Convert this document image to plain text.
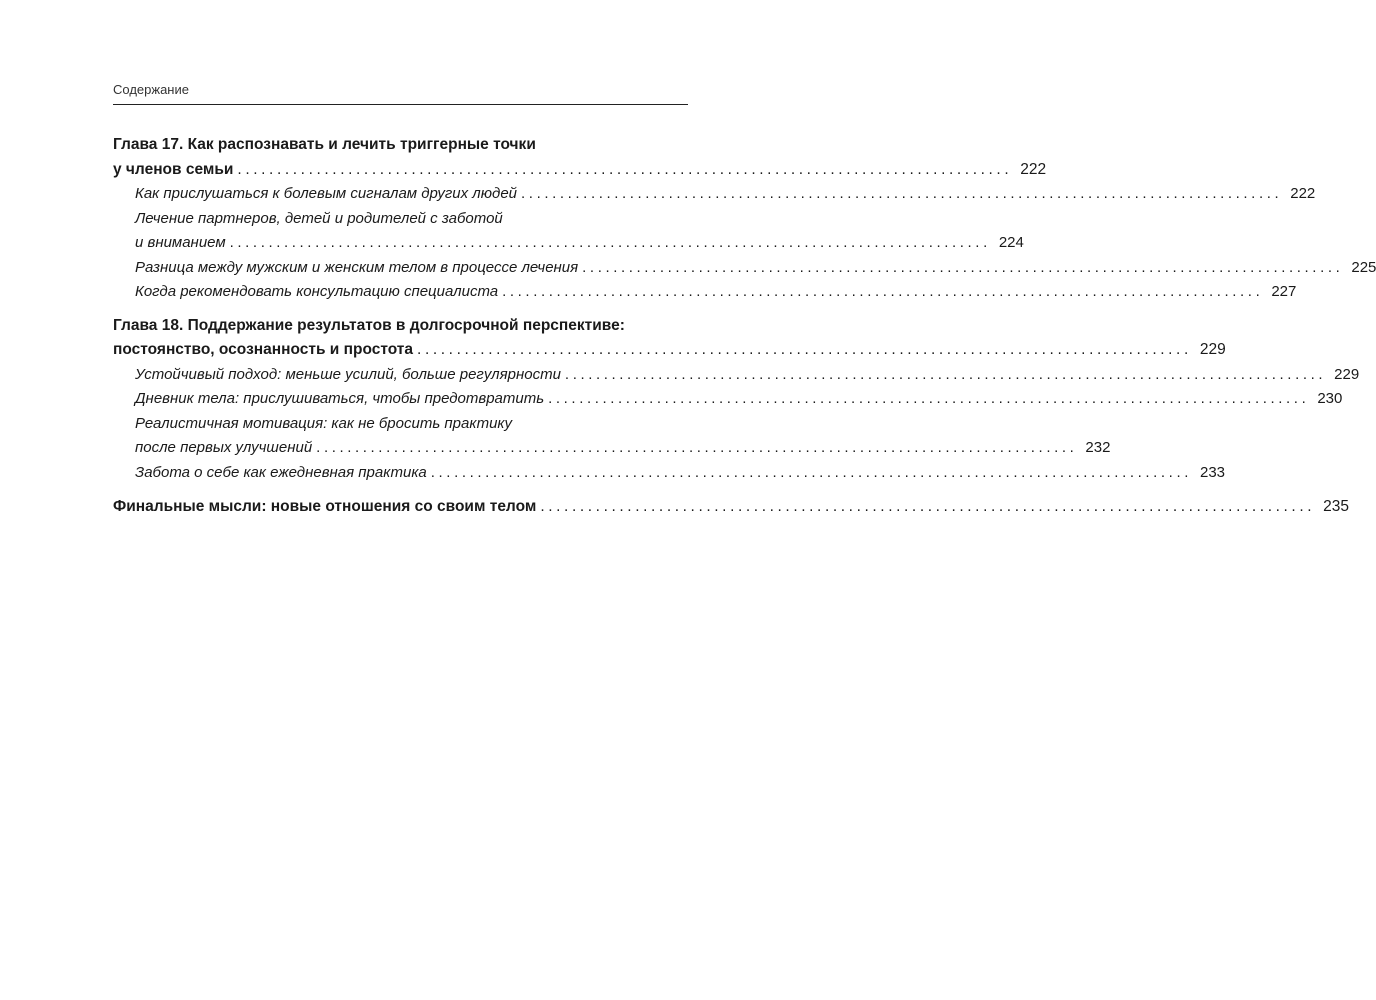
Содержание
Глава 17. Как распознавать и лечить триггерные точки
у членов семьи .................................................................................................. 222
Как прислушаться к болевым сигналам других людей .................................................................................................. 222
Лечение партнеров, детей и родителей с заботой
и вниманием .................................................................................................. 224
Разница между мужским и женским телом в процессе лечения .................................................................................................. 225
Когда рекомендовать консультацию специалиста .................................................................................................. 227
Глава 18. Поддержание результатов в долгосрочной перспективе:
постоянство, осознанность и простота .................................................................................................. 229
Устойчивый подход: меньше усилий, больше регулярности .................................................................................................. 229
Дневник тела: прислушиваться, чтобы предотвратить .................................................................................................. 230
Реалистичная мотивация: как не бросить практику
после первых улучшений .................................................................................................. 232
Забота о себе как ежедневная практика .................................................................................................. 233
Финальные мысли: новые отношения со своим телом .................................................................................................. 235
